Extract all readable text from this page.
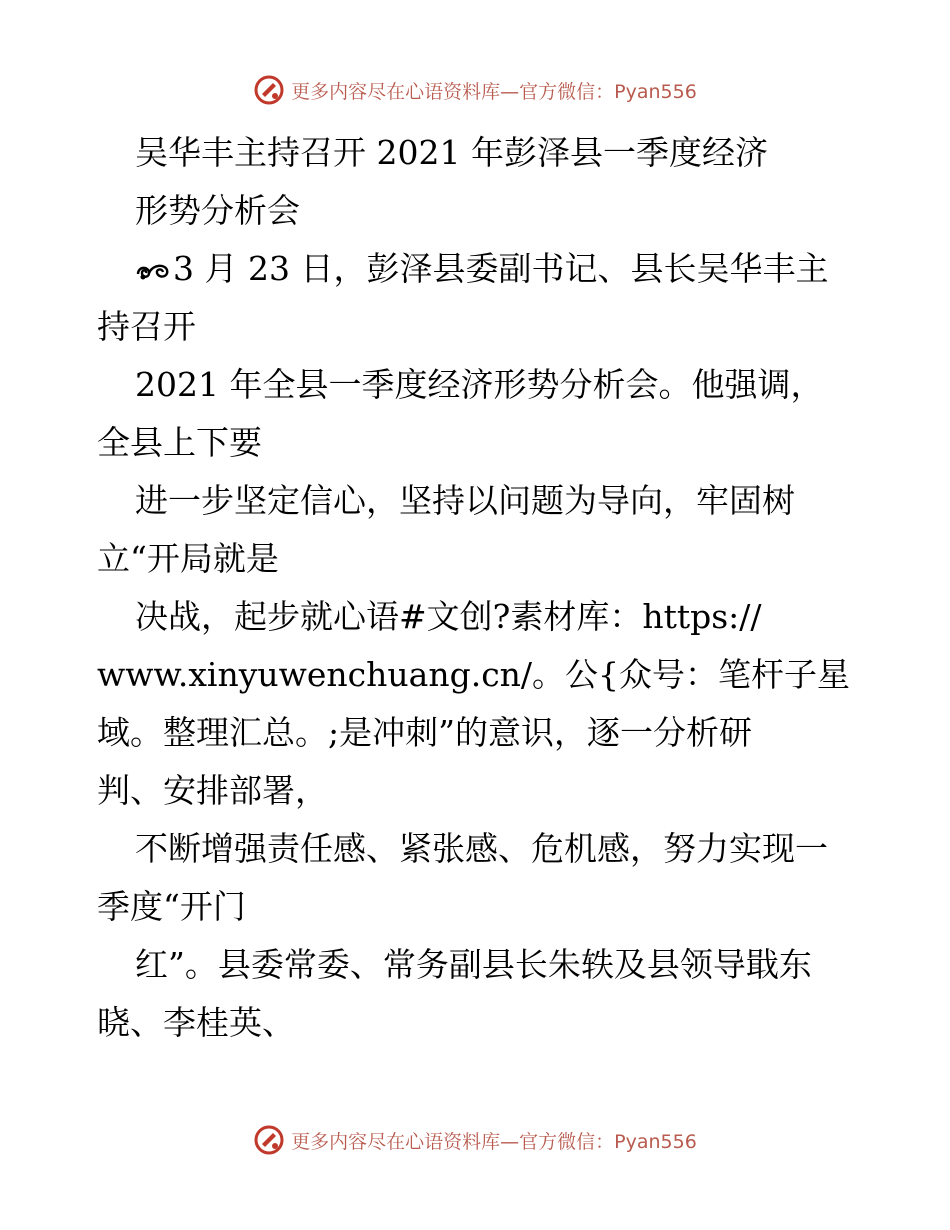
更多内容尽在心语资料库—官方微信：Pyan556
吴华丰主持召开 2021 年彭泽县一季度经济
形势分析会
3 月 23 日，彭泽县委副书记、县长吴华丰主
持召开
2021 年全县一季度经济形势分析会。他强调，
全县上下要
进一步坚定信心，坚持以问题为导向，牢固树
立“开局就是
决战，起步就心语#文创?素材库：https://
www.xinyuwenchuang.cn/。公{众号：笔杆子星
域。整理汇总。;是冲刺”的意识，逐一分析研
判、安排部署，
不断增强责任感、紧张感、危机感，努力实现一
季度“开门
红”。县委常委、常务副县长朱轶及县领导戢东
晓、李桂英、
更多内容尽在心语资料库—官方微信：Pyan556
